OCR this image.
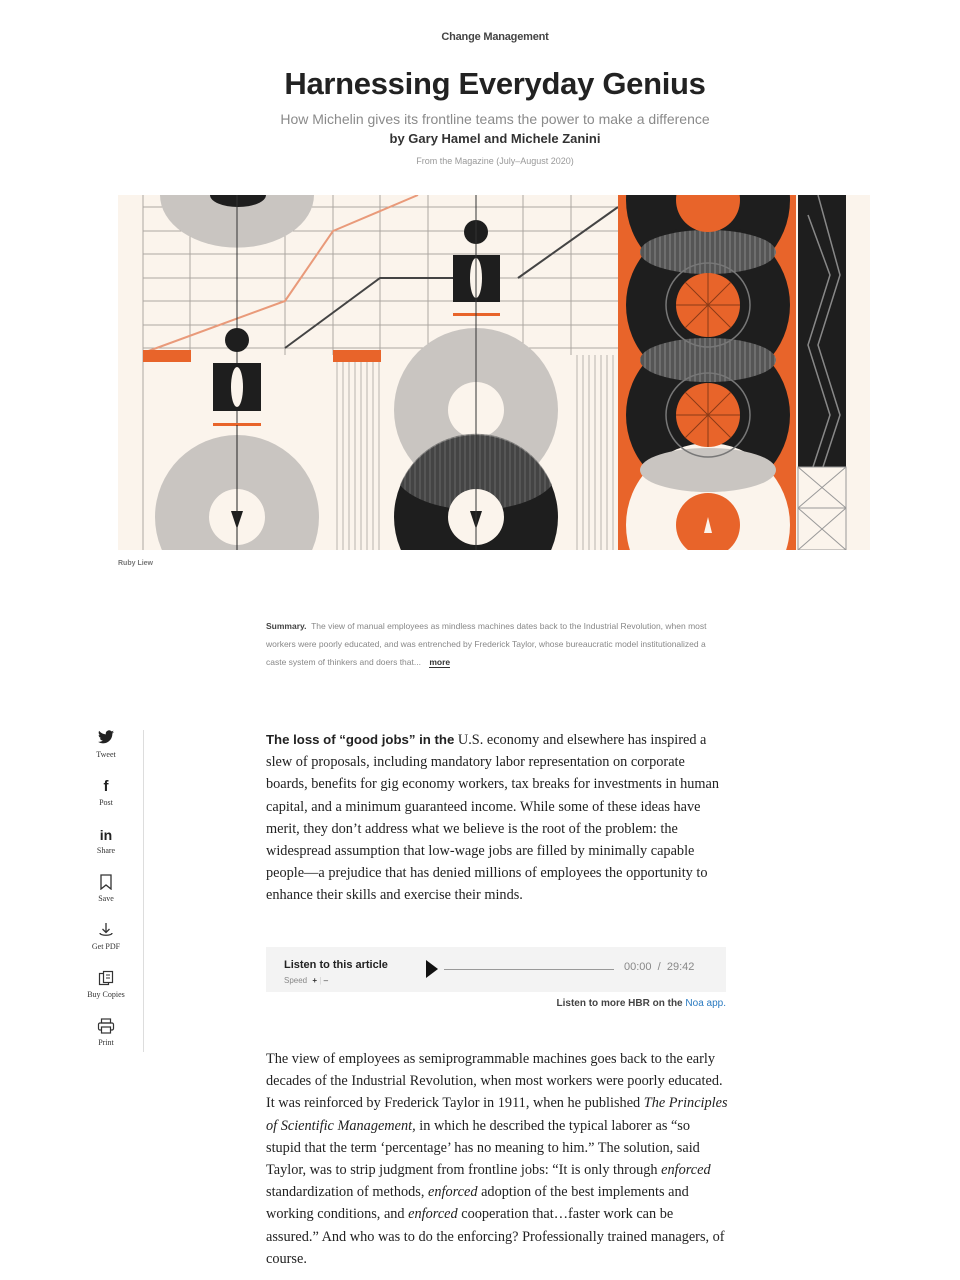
Change Management
Harnessing Everyday Genius
How Michelin gives its frontline teams the power to make a difference
by Gary Hamel and Michele Zanini
From the Magazine (July–August 2020)
Ruby Liew
Summary. The view of manual employees as mindless machines dates back to the Industrial Revolution, when most workers were poorly educated, and was entrenched by Frederick Taylor, whose bureaucratic model institutionalized a caste system of thinkers and doers that... more
Tweet
f
Post
in
Share
Save
Get PDF
Buy Copies
Print

The loss of “good jobs” in the U.S. economy and elsewhere has inspired a slew of proposals, including mandatory labor representation on corporate boards, benefits for gig economy workers, tax breaks for investments in human capital, and a minimum guaranteed income. While some of these ideas have merit, they don’t address what we believe is the root of the problem: the widespread assumption that low-wage jobs are filled by minimally capable people—a prejudice that has denied millions of employees the opportunity to enhance their skills and exercise their minds.

Listen to this article
Speed + | –
00:00 / 29:42
Listen to more HBR on the Noa app.

The view of employees as semiprogrammable machines goes back to the early decades of the Industrial Revolution, when most workers were poorly educated. It was reinforced by Frederick Taylor in 1911, when he published The Principles of Scientific Management, in which he described the typical laborer as “so stupid that the term ‘percentage’ has no meaning to him.” The solution, said Taylor, was to strip judgment from frontline jobs: “It is only through enforced standardization of methods, enforced adoption of the best implements and working conditions, and enforced cooperation that…faster work can be assured.” And who was to do the enforcing? Professionally trained managers, of course.
